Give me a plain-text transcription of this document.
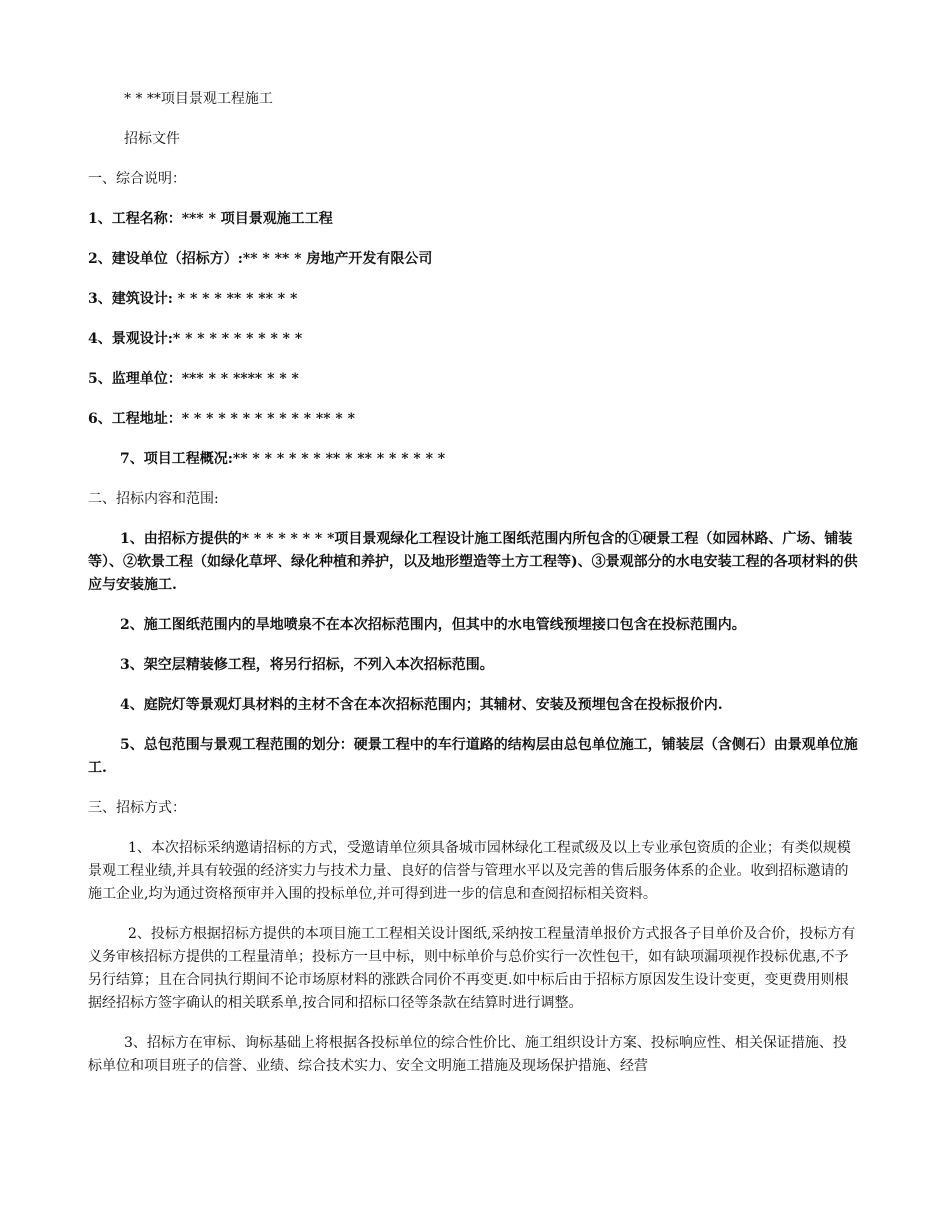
* * **项目景观工程施工

招标文件

一、综合说明：

1、工程名称：*** * 项目景观施工工程

2、建设单位（招标方）:** * ** * 房地产开发有限公司

3、建筑设计: * * * * ** * ** * *

4、景观设计:* * * * * * * * * * *

5、监理单位：*** * * **** * * *

6、工程地址：* * * * * * * * * * * ** * *

7、项目工程概况:** * * * * * * ** * ** * * * * * *

二、招标内容和范围:

1、由招标方提供的* * * * * * * *项目景观绿化工程设计施工图纸范围内所包含的①硬景工程（如园林路、广场、铺装等）、②软景工程（如绿化草坪、绿化种植和养护，以及地形塑造等土方工程等)、③景观部分的水电安装工程的各项材料的供应与安装施工.

2、施工图纸范围内的旱地喷泉不在本次招标范围内，但其中的水电管线预埋接口包含在投标范围内。

3、架空层精装修工程，将另行招标，不列入本次招标范围。

4、庭院灯等景观灯具材料的主材不含在本次招标范围内；其辅材、安装及预埋包含在投标报价内.

5、总包范围与景观工程范围的划分：硬景工程中的车行道路的结构层由总包单位施工，铺装层（含侧石）由景观单位施工.

三、招标方式：

1、本次招标采纳邀请招标的方式，受邀请单位须具备城市园林绿化工程贰级及以上专业承包资质的企业；有类似规模景观工程业绩,并具有较强的经济实力与技术力量、良好的信誉与管理水平以及完善的售后服务体系的企业。收到招标邀请的施工企业,均为通过资格预审并入围的投标单位,并可得到进一步的信息和查阅招标相关资料。

2、投标方根据招标方提供的本项目施工工程相关设计图纸,采纳按工程量清单报价方式报各子目单价及合价，投标方有义务审核招标方提供的工程量清单；投标方一旦中标，则中标单价与总价实行一次性包干，如有缺项漏项视作投标优惠,不予另行结算；且在合同执行期间不论市场原材料的涨跌合同价不再变更.如中标后由于招标方原因发生设计变更，变更费用则根据经招标方签字确认的相关联系单,按合同和招标口径等条款在结算时进行调整。

3、招标方在审标、询标基础上将根据各投标单位的综合性价比、施工组织设计方案、投标响应性、相关保证措施、投标单位和项目班子的信誉、业绩、综合技术实力、安全文明施工措施及现场保护措施、经营
